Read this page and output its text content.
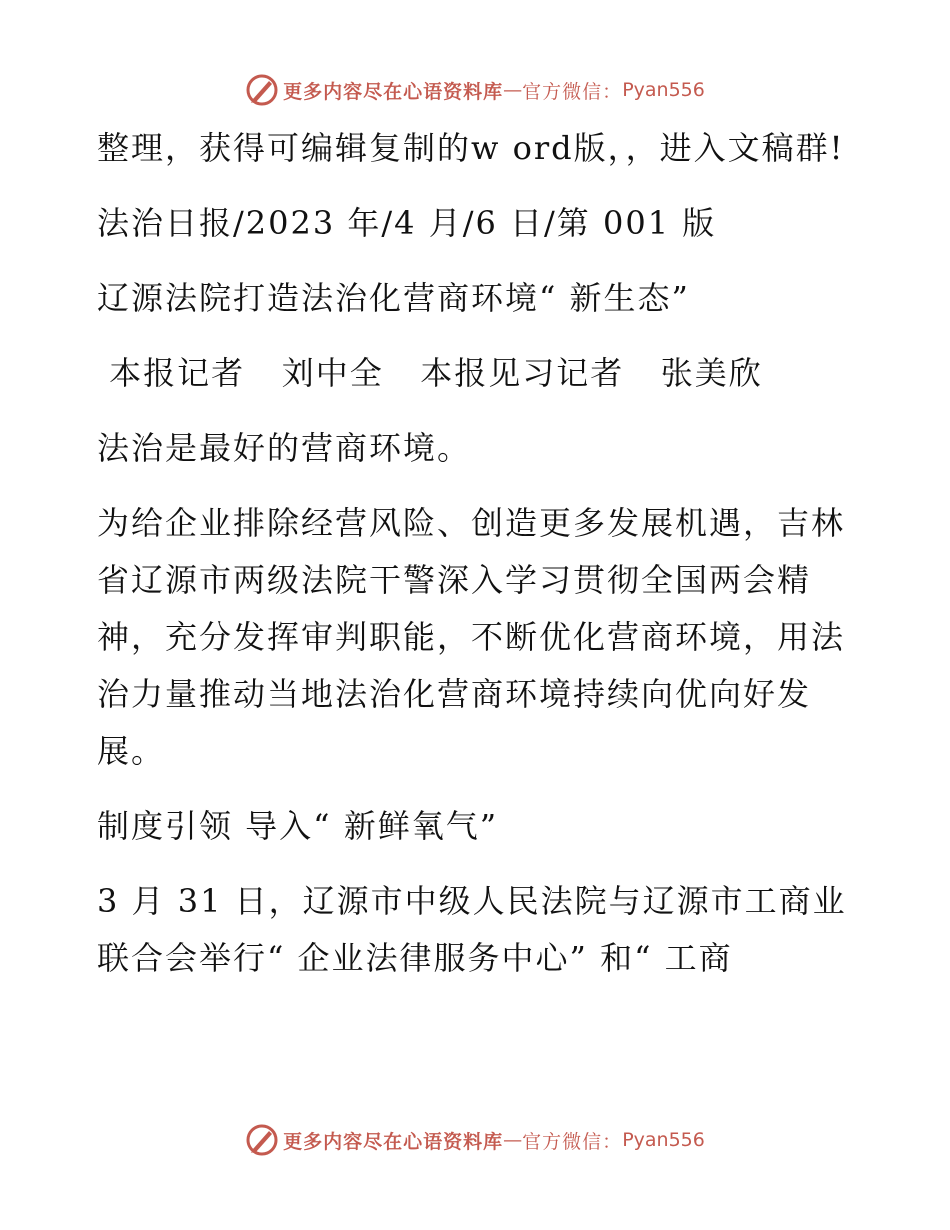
更多内容尽在心语资料库 — 官方微信： Pyan556

整理，获得可编辑复制的w ord版，，进入文稿群!

法治日报/2023 年/4 月/6 日/第 001 版

辽源法院打造法治化营商环境“ 新生态”

本报记者   刘中全   本报见习记者   张美欣

法治是最好的营商环境。

为给企业排除经营风险、创造更多发展机遇，吉林省辽源市两级法院干警深入学习贯彻全国两会精神，充分发挥审判职能，不断优化营商环境，用法治力量推动当地法治化营商环境持续向优向好发展。

制度引领 导入“ 新鲜氧气”

3 月 31 日，辽源市中级人民法院与辽源市工商业联合会举行“ 企业法律服务中心” 和“ 工商

更多内容尽在心语资料库 — 官方微信： Pyan556
